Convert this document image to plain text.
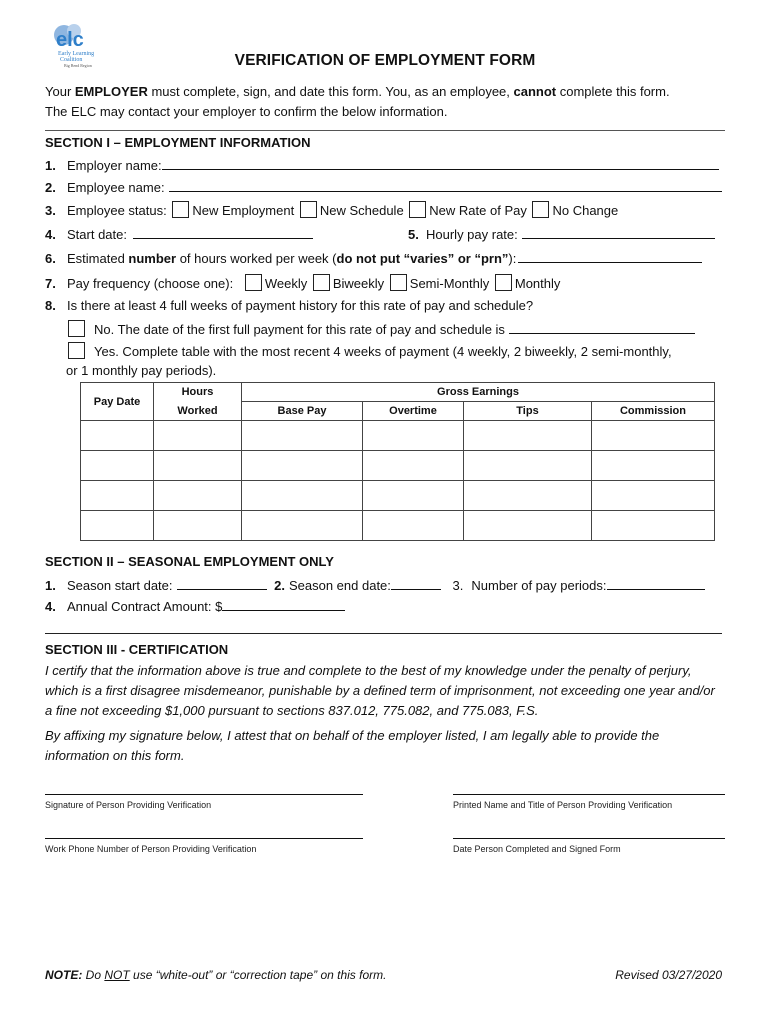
elc
Early Learning
Coalition
Big Bend Region	VERIFICATION OF EMPLOYMENT FORM
Your EMPLOYER must complete, sign, and date this form. You, as an employee, cannot complete this form.
The ELC may contact your employer to confirm the below information.
SECTION I – EMPLOYMENT INFORMATION
1. Employer name:
2. Employee name:
3. Employee status: New Employment New Schedule New Rate of Pay No Change
4. Start date:	5. Hourly pay rate:
6. Estimated number of hours worked per week (do not put “varies” or “prn”):
7. Pay frequency (choose one): Weekly Biweekly Semi-Monthly Monthly
8. Is there at least 4 full weeks of payment history for this rate of pay and schedule?
No. The date of the first full payment for this rate of pay and schedule is
Yes. Complete table with the most recent 4 weeks of payment (4 weekly, 2 biweekly, 2 semi-monthly,
or 1 monthly pay periods).
Pay Date	Hours	Gross Earnings			
	Worked	Base Pay	Overtime	Tips	Commission

SECTION II – SEASONAL EMPLOYMENT ONLY
1. Season start date:	2. Season end date:	3. Number of pay periods:
4. Annual Contract Amount: $
SECTION III - CERTIFICATION
I certify that the information above is true and complete to the best of my knowledge under the penalty of perjury, which is a first disagree misdemeanor, punishable by a defined term of imprisonment, not exceeding one year and/or a fine not exceeding $1,000 pursuant to sections 837.012, 775.082, and 775.083, F.S.
By affixing my signature below, I attest that on behalf of the employer listed, I am legally able to provide the information on this form.
Signature of Person Providing Verification	Printed Name and Title of Person Providing Verification
Work Phone Number of Person Providing Verification	Date Person Completed and Signed Form
NOTE: Do NOT use “white-out” or “correction tape” on this form.	Revised 03/27/2020
